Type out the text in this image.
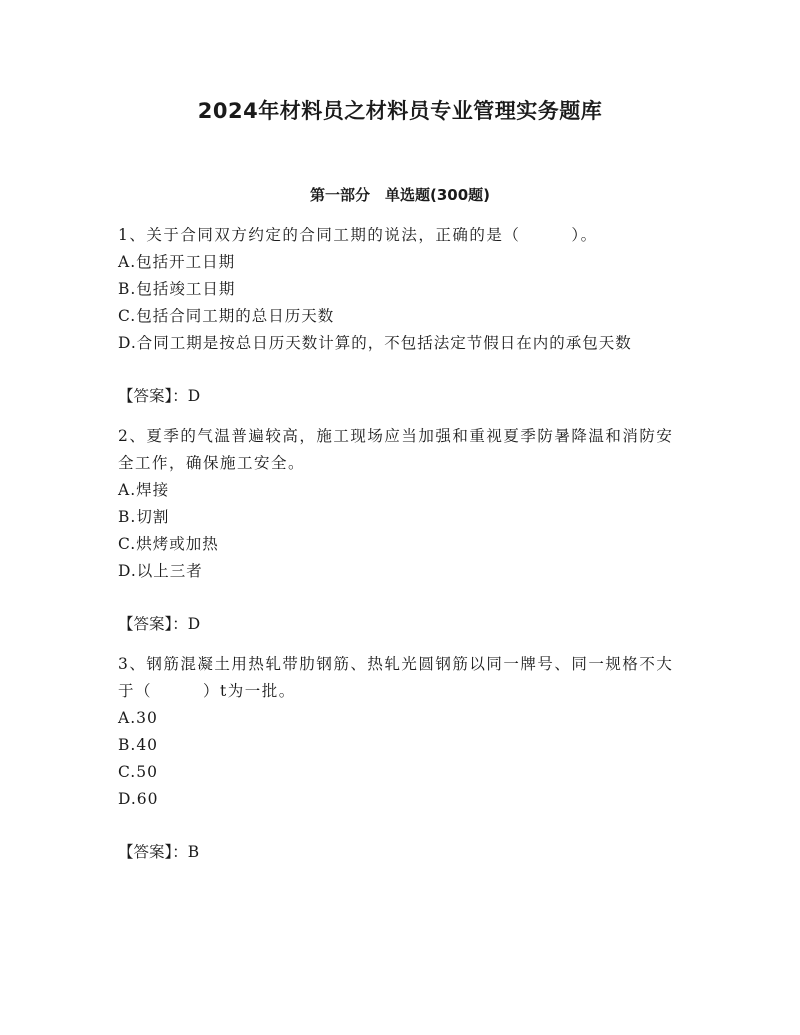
2024年材料员之材料员专业管理实务题库
第一部分　单选题(300题)

1、关于合同双方约定的合同工期的说法，正确的是（　　　）。

A.包括开工日期

B.包括竣工日期

C.包括合同工期的总日历天数

D.合同工期是按总日历天数计算的，不包括法定节假日在内的承包天数

【答案】：D

2、夏季的气温普遍较高，施工现场应当加强和重视夏季防暑降温和消防安全工作，确保施工安全。

A.焊接

B.切割

C.烘烤或加热

D.以上三者

【答案】：D

3、钢筋混凝土用热轧带肋钢筋、热轧光圆钢筋以同一牌号、同一规格不大于（　　　）t为一批。

A.30

B.40

C.50

D.60

【答案】：B
